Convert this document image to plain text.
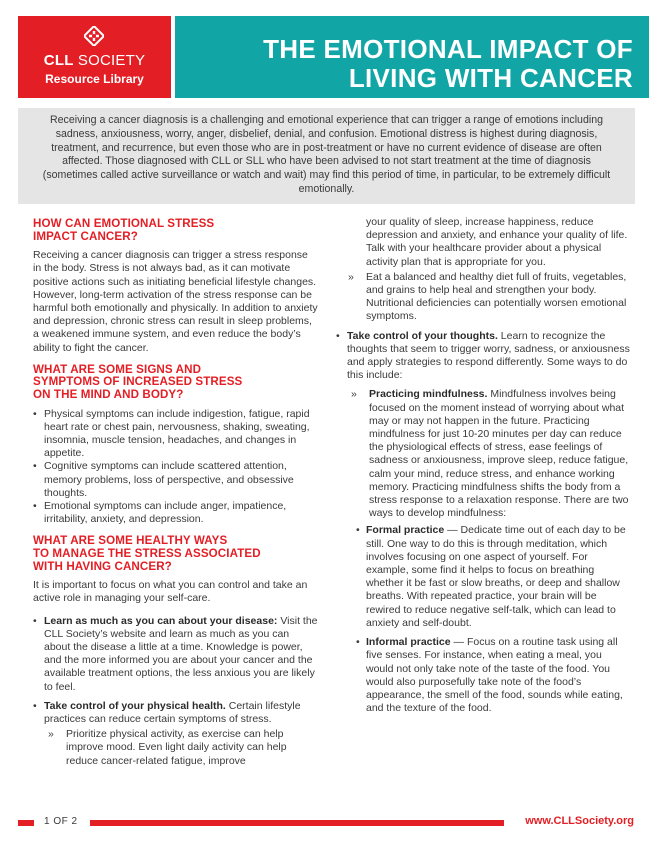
CLL SOCIETY
Resource Library
THE EMOTIONAL IMPACT OF
LIVING WITH CANCER

Receiving a cancer diagnosis is a challenging and emotional experience that can trigger a range of emotions including sadness, anxiousness, worry, anger, disbelief, denial, and confusion. Emotional distress is highest during diagnosis, treatment, and recurrence, but even those who are in post-treatment or have no current evidence of disease are often affected. Those diagnosed with CLL or SLL who have been advised to not start treatment at the time of diagnosis (sometimes called active surveillance or watch and wait) may find this period of time, in particular, to be extremely difficult emotionally.

HOW CAN EMOTIONAL STRESS
IMPACT CANCER?

Receiving a cancer diagnosis can trigger a stress response in the body. Stress is not always bad, as it can motivate positive actions such as initiating beneficial lifestyle changes. However, long-term activation of the stress response can be harmful both emotionally and physically. In addition to anxiety and depression, chronic stress can result in sleep problems, a weakened immune system, and even reduce the body’s ability to fight the cancer.

WHAT ARE SOME SIGNS AND
SYMPTOMS OF INCREASED STRESS
ON THE MIND AND BODY?
• Physical symptoms can include indigestion, fatigue, rapid heart rate or chest pain, nervousness, shaking, sweating, insomnia, muscle tension, headaches, and changes in appetite.
• Cognitive symptoms can include scattered attention, memory problems, loss of perspective, and obsessive thoughts.
• Emotional symptoms can include anger, impatience, irritability, anxiety, and depression.
WHAT ARE SOME HEALTHY WAYS
TO MANAGE THE STRESS ASSOCIATED
WITH HAVING CANCER?

It is important to focus on what you can control and take an active role in managing your self-care.

• Learn as much as you can about your disease: Visit the CLL Society’s website and learn as much as you can about the disease a little at a time. Knowledge is power, and the more informed you are about your cancer and the available treatment options, the less anxious you are likely to feel.
• Take control of your physical health. Certain lifestyle practices can reduce certain symptoms of stress.
» Prioritize physical activity, as exercise can help improve mood. Even light daily activity can help reduce cancer-related fatigue, improve
your quality of sleep, increase happiness, reduce depression and anxiety, and enhance your quality of life. Talk with your healthcare provider about a physical activity plan that is appropriate for you.
» Eat a balanced and healthy diet full of fruits, vegetables, and grains to help heal and strengthen your body. Nutritional deficiencies can potentially worsen emotional symptoms.
• Take control of your thoughts. Learn to recognize the thoughts that seem to trigger worry, sadness, or anxiousness and apply strategies to respond differently. Some ways to do this include:
» Practicing mindfulness. Mindfulness involves being focused on the moment instead of worrying about what may or may not happen in the future. Practicing mindfulness for just 10-20 minutes per day can reduce the physiological effects of stress, ease feelings of sadness or anxiousness, improve sleep, reduce fatigue, calm your mind, reduce stress, and enhance working memory. Practicing mindfulness shifts the body from a stress response to a relaxation response. There are two ways to develop mindfulness:
• Formal practice — Dedicate time out of each day to be still. One way to do this is through meditation, which involves focusing on one aspect of yourself. For example, some find it helps to focus on breathing whether it be fast or slow breaths, or deep and shallow breaths. With repeated practice, your brain will be rewired to reduce negative self-talk, which can lead to anxiety and self-doubt.
• Informal practice — Focus on a routine task using all five senses. For instance, when eating a meal, you would not only take note of the taste of the food. You would also purposefully take note of the food’s appearance, the smell of the food, sounds while eating, and the texture of the food.
1 OF 2	www.CLLSociety.org
